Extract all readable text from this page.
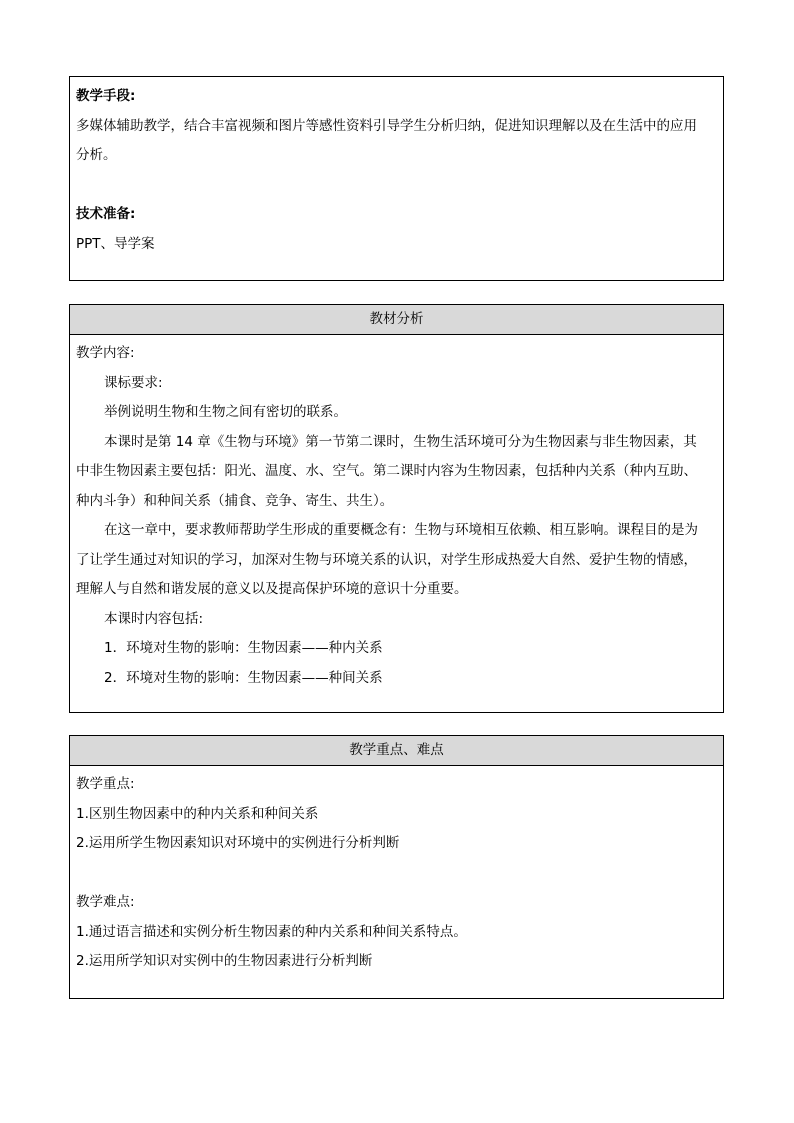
教学手段:
多媒体辅助教学，结合丰富视频和图片等感性资料引导学生分析归纳，促进知识理解以及在生活中的应用
分析。
技术准备:
PPT、导学案
教材分析
教学内容:
课标要求:
举例说明生物和生物之间有密切的联系。
本课时是第 14 章《生物与环境》第一节第二课时，生物生活环境可分为生物因素与非生物因素，其
中非生物因素主要包括：阳光、温度、水、空气。第二课时内容为生物因素，包括种内关系（种内互助、
种内斗争）和种间关系（捕食、竞争、寄生、共生）。
在这一章中，要求教师帮助学生形成的重要概念有：生物与环境相互依赖、相互影响。课程目的是为
了让学生通过对知识的学习，加深对生物与环境关系的认识，对学生形成热爱大自然、爱护生物的情感，
理解人与自然和谐发展的意义以及提高保护环境的意识十分重要。
本课时内容包括:
1．环境对生物的影响：生物因素——种内关系
2．环境对生物的影响：生物因素——种间关系
教学重点、难点
教学重点:
1.区别生物因素中的种内关系和种间关系
2.运用所学生物因素知识对环境中的实例进行分析判断
教学难点:
1.通过语言描述和实例分析生物因素的种内关系和种间关系特点。
2.运用所学知识对实例中的生物因素进行分析判断
